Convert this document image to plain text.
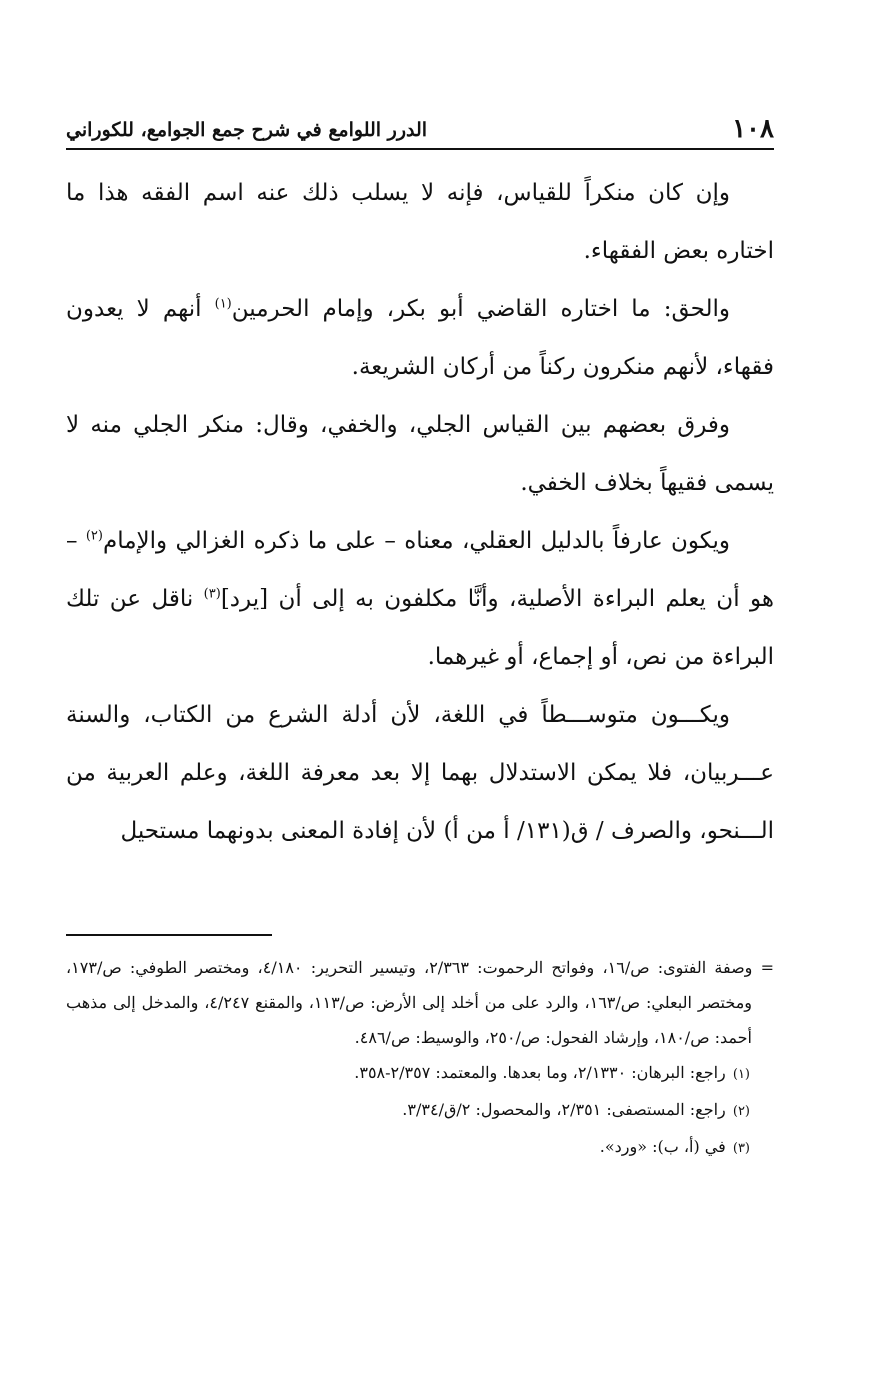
١٠٨
الدرر اللوامع في شرح جمع الجوامع، للكوراني

وإن كان منكراً للقياس، فإنه لا يسلب ذلك عنه اسم الفقه هذا ما اختاره بعض الفقهاء.

والحق: ما اختاره القاضي أبو بكر، وإمام الحرمين$^{(١)}$ أنهم لا يعدون فقهاء، لأنهم منكرون ركناً من أركان الشريعة.

وفرق بعضهم بين القياس الجلي، والخفي، وقال: منكر الجلي منه لا يسمى فقيهاً بخلاف الخفي.

ويكون عارفاً بالدليل العقلي، معناه – على ما ذكره الغزالي والإمام$^{(٢)}$ – هو أن يعلم البراءة الأصلية، وأنَّا مكلفون به إلى أن [يرد]$^{(٣)}$ ناقل عن تلك البراءة من نص، أو إجماع، أو غيرهما.

ويكـــون متوســـطاً في اللغة، لأن أدلة الشرع من الكتاب، والسنة عـــربيان، فلا يمكن الاستدلال بهما إلا بعد معرفة اللغة، وعلم العربية من الـــنحو، والصرف / ق(١٣١/ أ من أ) لأن إفادة المعنى بدونهما مستحيل

= وصفة الفتوى: ص/١٦، وفواتح الرحموت: ٢/٣٦٣، وتيسير التحرير: ٤/١٨٠، ومختصر الطوفي: ص/١٧٣، ومختصر البعلي: ص/١٦٣، والرد على من أخلد إلى الأرض: ص/١١٣، والمقنع ٤/٢٤٧، والمدخل إلى مذهب أحمد: ص/١٨٠، وإرشاد الفحول: ص/٢٥٠، والوسيط: ص/٤٨٦.

(١) راجع: البرهان: ٢/١٣٣٠، وما بعدها. والمعتمد: ٢/٣٥٧-٣٥٨.

(٢) راجع: المستصفى: ٢/٣٥١، والمحصول: ٢/ق/٣/٣٤.

(٣) في (أ، ب): «ورد».
